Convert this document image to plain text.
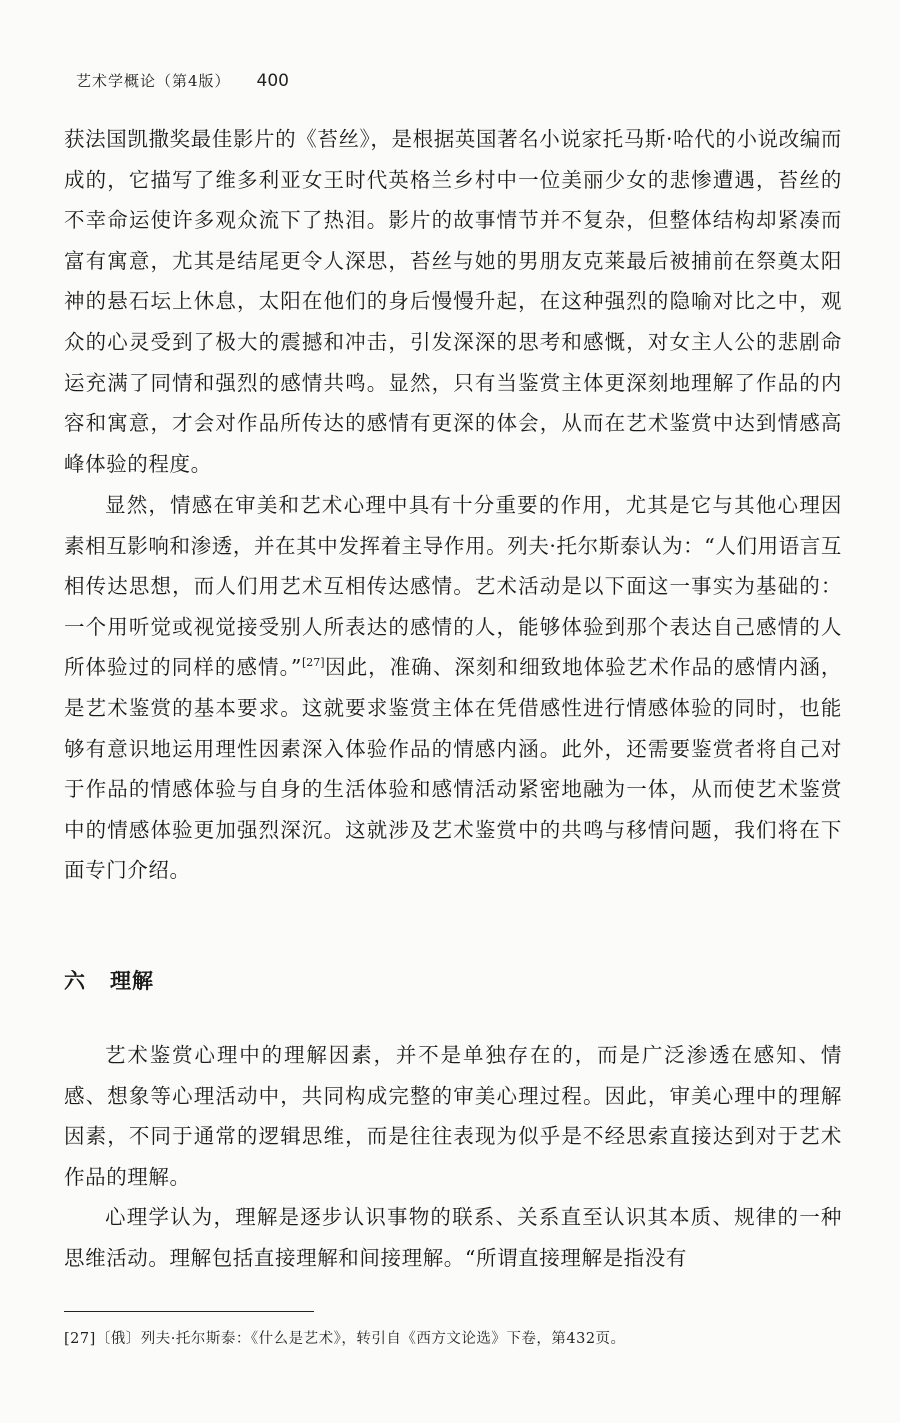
艺术学概论（第4版） 400

获法国凯撒奖最佳影片的《苔丝》，是根据英国著名小说家托马斯·哈代的小说改编而成的，它描写了维多利亚女王时代英格兰乡村中一位美丽少女的悲惨遭遇，苔丝的不幸命运使许多观众流下了热泪。影片的故事情节并不复杂，但整体结构却紧凑而富有寓意，尤其是结尾更令人深思，苔丝与她的男朋友克莱最后被捕前在祭奠太阳神的悬石坛上休息，太阳在他们的身后慢慢升起，在这种强烈的隐喻对比之中，观众的心灵受到了极大的震撼和冲击，引发深深的思考和感慨，对女主人公的悲剧命运充满了同情和强烈的感情共鸣。显然，只有当鉴赏主体更深刻地理解了作品的内容和寓意，才会对作品所传达的感情有更深的体会，从而在艺术鉴赏中达到情感高峰体验的程度。

显然，情感在审美和艺术心理中具有十分重要的作用，尤其是它与其他心理因素相互影响和渗透，并在其中发挥着主导作用。列夫·托尔斯泰认为：“人们用语言互相传达思想，而人们用艺术互相传达感情。艺术活动是以下面这一事实为基础的：一个用听觉或视觉接受别人所表达的感情的人，能够体验到那个表达自己感情的人所体验过的同样的感情。”[27]因此，准确、深刻和细致地体验艺术作品的感情内涵，是艺术鉴赏的基本要求。这就要求鉴赏主体在凭借感性进行情感体验的同时，也能够有意识地运用理性因素深入体验作品的情感内涵。此外，还需要鉴赏者将自己对于作品的情感体验与自身的生活体验和感情活动紧密地融为一体，从而使艺术鉴赏中的情感体验更加强烈深沉。这就涉及艺术鉴赏中的共鸣与移情问题，我们将在下面专门介绍。

六 理解

艺术鉴赏心理中的理解因素，并不是单独存在的，而是广泛渗透在感知、情感、想象等心理活动中，共同构成完整的审美心理过程。因此，审美心理中的理解因素，不同于通常的逻辑思维，而是往往表现为似乎是不经思索直接达到对于艺术作品的理解。

心理学认为，理解是逐步认识事物的联系、关系直至认识其本质、规律的一种思维活动。理解包括直接理解和间接理解。“所谓直接理解是指没有

[27]〔俄〕列夫·托尔斯泰：《什么是艺术》，转引自《西方文论选》下卷，第432页。
